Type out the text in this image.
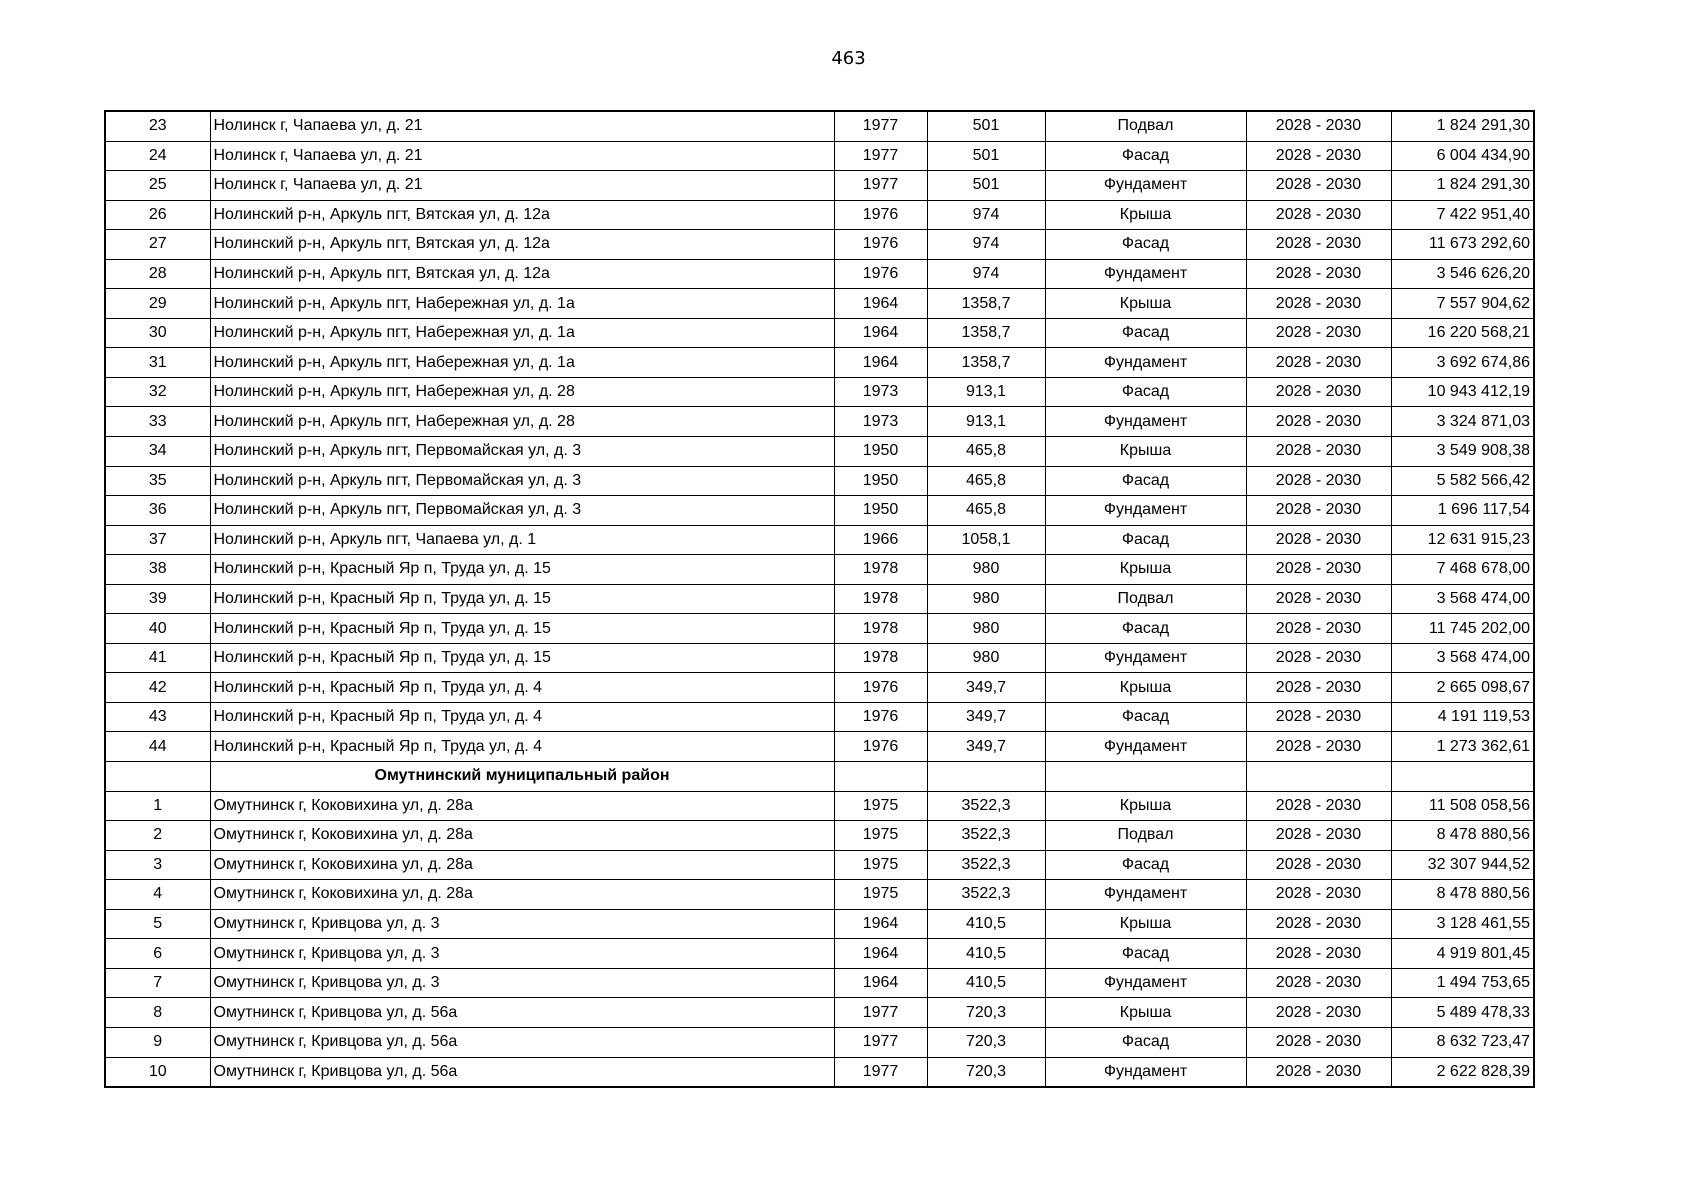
463
23	Нолинск г, Чапаева ул, д. 21	1977	501	Подвал	2028 - 2030	1 824 291,30
24	Нолинск г, Чапаева ул, д. 21	1977	501	Фасад	2028 - 2030	6 004 434,90
25	Нолинск г, Чапаева ул, д. 21	1977	501	Фундамент	2028 - 2030	1 824 291,30
26	Нолинский р-н, Аркуль пгт, Вятская ул, д. 12а	1976	974	Крыша	2028 - 2030	7 422 951,40
27	Нолинский р-н, Аркуль пгт, Вятская ул, д. 12а	1976	974	Фасад	2028 - 2030	11 673 292,60
28	Нолинский р-н, Аркуль пгт, Вятская ул, д. 12а	1976	974	Фундамент	2028 - 2030	3 546 626,20
29	Нолинский р-н, Аркуль пгт, Набережная ул, д. 1а	1964	1358,7	Крыша	2028 - 2030	7 557 904,62
30	Нолинский р-н, Аркуль пгт, Набережная ул, д. 1а	1964	1358,7	Фасад	2028 - 2030	16 220 568,21
31	Нолинский р-н, Аркуль пгт, Набережная ул, д. 1а	1964	1358,7	Фундамент	2028 - 2030	3 692 674,86
32	Нолинский р-н, Аркуль пгт, Набережная ул, д. 28	1973	913,1	Фасад	2028 - 2030	10 943 412,19
33	Нолинский р-н, Аркуль пгт, Набережная ул, д. 28	1973	913,1	Фундамент	2028 - 2030	3 324 871,03
34	Нолинский р-н, Аркуль пгт, Первомайская ул, д. 3	1950	465,8	Крыша	2028 - 2030	3 549 908,38
35	Нолинский р-н, Аркуль пгт, Первомайская ул, д. 3	1950	465,8	Фасад	2028 - 2030	5 582 566,42
36	Нолинский р-н, Аркуль пгт, Первомайская ул, д. 3	1950	465,8	Фундамент	2028 - 2030	1 696 117,54
37	Нолинский р-н, Аркуль пгт, Чапаева ул, д. 1	1966	1058,1	Фасад	2028 - 2030	12 631 915,23
38	Нолинский р-н, Красный Яр п, Труда ул, д. 15	1978	980	Крыша	2028 - 2030	7 468 678,00
39	Нолинский р-н, Красный Яр п, Труда ул, д. 15	1978	980	Подвал	2028 - 2030	3 568 474,00
40	Нолинский р-н, Красный Яр п, Труда ул, д. 15	1978	980	Фасад	2028 - 2030	11 745 202,00
41	Нолинский р-н, Красный Яр п, Труда ул, д. 15	1978	980	Фундамент	2028 - 2030	3 568 474,00
42	Нолинский р-н, Красный Яр п, Труда ул, д. 4	1976	349,7	Крыша	2028 - 2030	2 665 098,67
43	Нолинский р-н, Красный Яр п, Труда ул, д. 4	1976	349,7	Фасад	2028 - 2030	4 191 119,53
44	Нолинский р-н, Красный Яр п, Труда ул, д. 4	1976	349,7	Фундамент	2028 - 2030	1 273 362,61
	Омутнинский муниципальный район					
1	Омутнинск г, Коковихина ул, д. 28а	1975	3522,3	Крыша	2028 - 2030	11 508 058,56
2	Омутнинск г, Коковихина ул, д. 28а	1975	3522,3	Подвал	2028 - 2030	8 478 880,56
3	Омутнинск г, Коковихина ул, д. 28а	1975	3522,3	Фасад	2028 - 2030	32 307 944,52
4	Омутнинск г, Коковихина ул, д. 28а	1975	3522,3	Фундамент	2028 - 2030	8 478 880,56
5	Омутнинск г, Кривцова ул, д. 3	1964	410,5	Крыша	2028 - 2030	3 128 461,55
6	Омутнинск г, Кривцова ул, д. 3	1964	410,5	Фасад	2028 - 2030	4 919 801,45
7	Омутнинск г, Кривцова ул, д. 3	1964	410,5	Фундамент	2028 - 2030	1 494 753,65
8	Омутнинск г, Кривцова ул, д. 56а	1977	720,3	Крыша	2028 - 2030	5 489 478,33
9	Омутнинск г, Кривцова ул, д. 56а	1977	720,3	Фасад	2028 - 2030	8 632 723,47
10	Омутнинск г, Кривцова ул, д. 56а	1977	720,3	Фундамент	2028 - 2030	2 622 828,39
